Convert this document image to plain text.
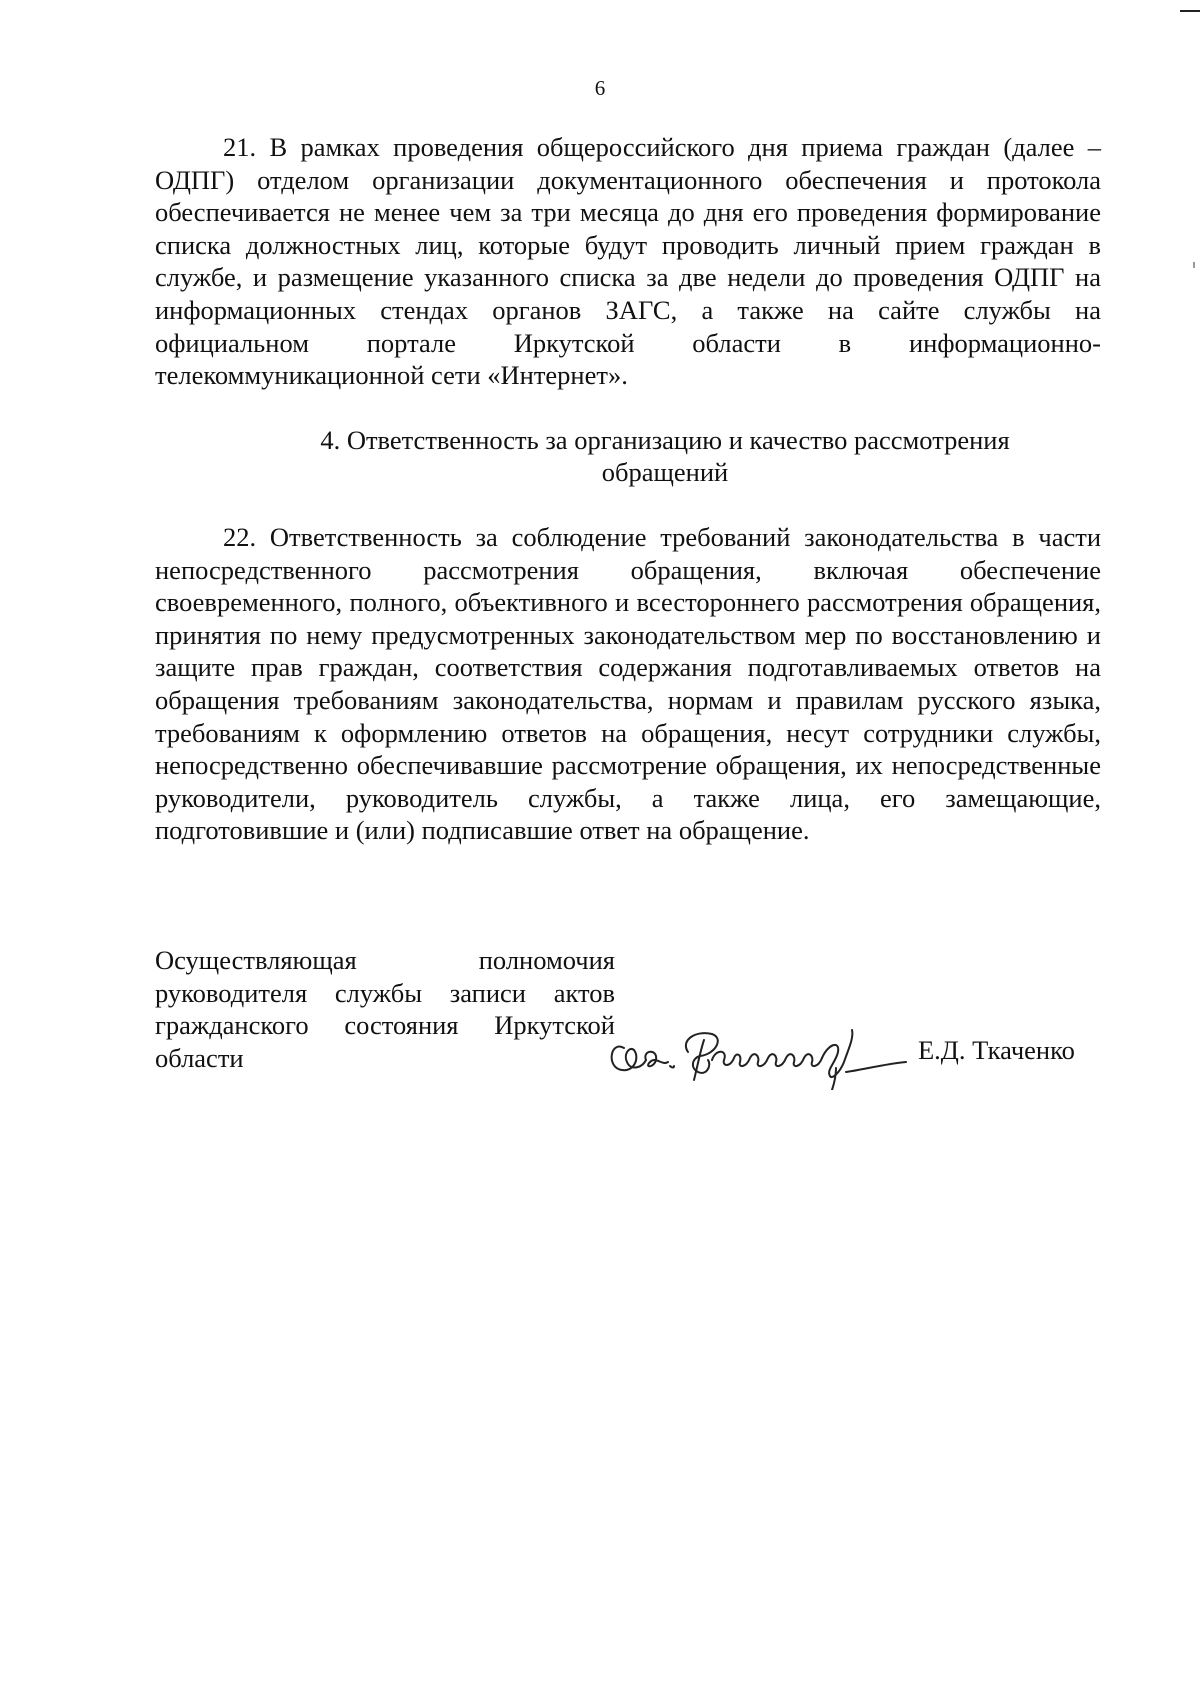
6

21. В рамках проведения общероссийского дня приема граждан (далее – ОДПГ) отделом организации документационного обеспечения и протокола обеспечивается не менее чем за три месяца до дня его проведения формирование списка должностных лиц, которые будут проводить личный прием граждан в службе, и размещение указанного списка за две недели до проведения ОДПГ на информационных стендах органов ЗАГС, а также на сайте службы на официальном портале Иркутской области в информационно-телекоммуникационной сети «Интернет».

4. Ответственность за организацию и качество рассмотрения
обращений

22. Ответственность за соблюдение требований законодательства в части непосредственного рассмотрения обращения, включая обеспечение своевременного, полного, объективного и всестороннего рассмотрения обращения, принятия по нему предусмотренных законодательством мер по восстановлению и защите прав граждан, соответствия содержания подготавливаемых ответов на обращения требованиям законодательства, нормам и правилам русского языка, требованиям к оформлению ответов на обращения, несут сотрудники службы, непосредственно обеспечивавшие рассмотрение обращения, их непосредственные руководители, руководитель службы, а также лица, его замещающие, подготовившие и (или) подписавшие ответ на обращение.

Осуществляющая полномочия
руководителя службы записи актов
гражданского состояния Иркутской
области	Е.Д. Ткаченко
